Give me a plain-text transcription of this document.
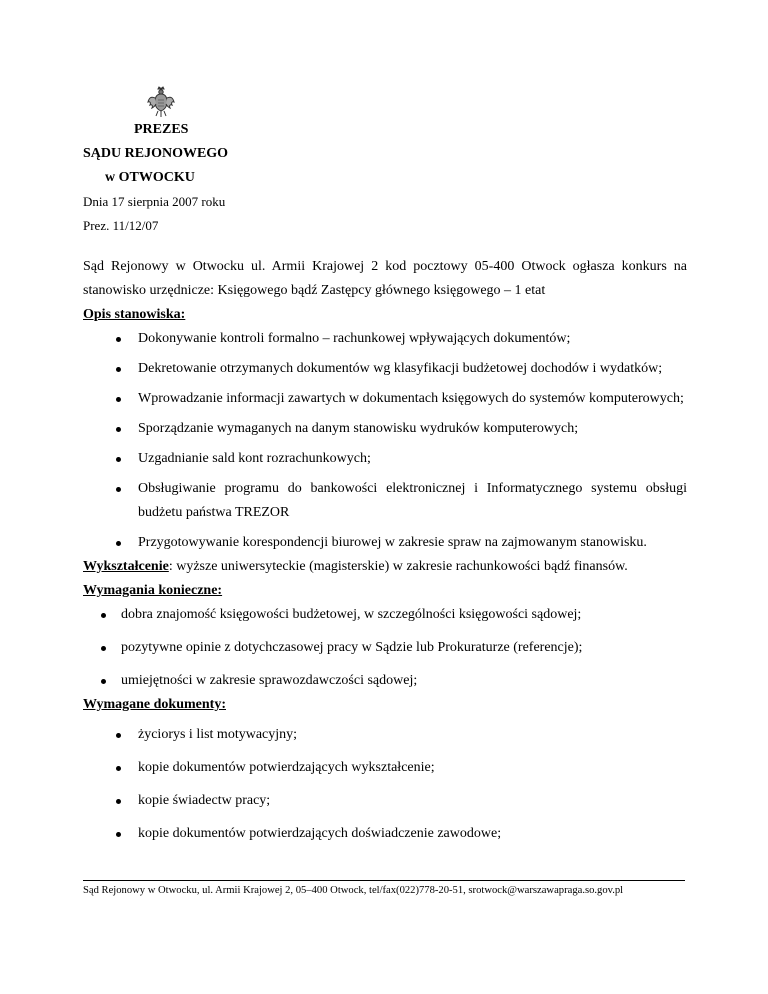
PREZES
SĄDU REJONOWEGO
w OTWOCKU
Dnia 17 sierpnia 2007 roku
Prez. 11/12/07

Sąd Rejonowy w Otwocku ul. Armii Krajowej 2 kod pocztowy 05-400 Otwock ogłasza konkurs na stanowisko urzędnicze: Księgowego bądź Zastępcy głównego księgowego – 1 etat

Opis stanowiska:

Dokonywanie kontroli formalno – rachunkowej wpływających dokumentów;
Dekretowanie otrzymanych dokumentów wg klasyfikacji budżetowej dochodów i wydatków;
Wprowadzanie informacji zawartych w dokumentach księgowych do systemów komputerowych;
Sporządzanie wymaganych na danym stanowisku wydruków komputerowych;
Uzgadnianie sald kont rozrachunkowych;
Obsługiwanie programu do bankowości elektronicznej i Informatycznego systemu obsługi budżetu państwa TREZOR
Przygotowywanie korespondencji biurowej w zakresie spraw na zajmowanym stanowisku.

Wykształcenie: wyższe uniwersyteckie (magisterskie) w zakresie rachunkowości bądź finansów.

Wymagania konieczne:

dobra znajomość księgowości budżetowej, w szczególności księgowości sądowej;
pozytywne opinie z dotychczasowej pracy w Sądzie lub Prokuraturze (referencje);
umiejętności w zakresie sprawozdawczości sądowej;

Wymagane dokumenty:

życiorys i list motywacyjny;
kopie dokumentów potwierdzających wykształcenie;
kopie świadectw pracy;
kopie dokumentów potwierdzających doświadczenie zawodowe;
Sąd Rejonowy w Otwocku, ul. Armii Krajowej 2, 05–400 Otwock, tel/fax(022)778-20-51, srotwock@warszawapraga.so.gov.pl
